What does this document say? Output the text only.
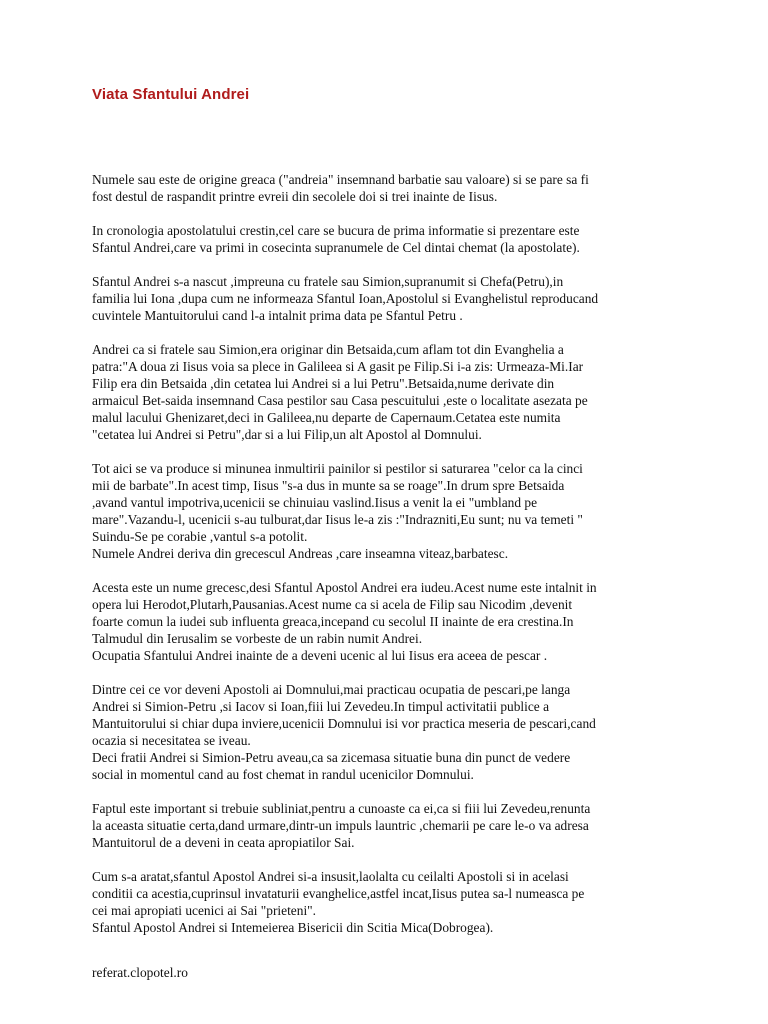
Viata Sfantului Andrei
Numele sau este de origine greaca ("andreia" insemnand barbatie sau valoare) si se pare sa fi
fost destul de raspandit printre evreii din secolele doi si trei inainte de Iisus.
In cronologia apostolatului crestin,cel care se bucura de prima informatie si prezentare este
Sfantul Andrei,care va primi in cosecinta supranumele de Cel dintai chemat (la apostolate).
Sfantul Andrei s-a nascut ,impreuna cu fratele sau Simion,supranumit si Chefa(Petru),in
familia lui Iona ,dupa cum ne informeaza Sfantul Ioan,Apostolul si Evanghelistul reproducand
cuvintele Mantuitorului cand l-a intalnit prima data pe Sfantul Petru .
Andrei ca si fratele sau Simion,era originar din Betsaida,cum aflam tot din Evanghelia a
patra:"A doua zi Iisus voia sa plece in Galileea si A gasit pe Filip.Si i-a zis: Urmeaza-Mi.Iar
Filip era din Betsaida ,din cetatea lui Andrei si a lui Petru".Betsaida,nume derivate din
armaicul Bet-saida insemnand Casa pestilor sau Casa pescuitului ,este o localitate asezata pe
malul lacului Ghenizaret,deci in Galileea,nu departe de Capernaum.Cetatea este numita
"cetatea lui Andrei si Petru",dar si a lui Filip,un alt Apostol al Domnului.
Tot aici se va produce si minunea inmultirii painilor si pestilor si saturarea "celor ca la cinci
mii de barbate".In acest timp, Iisus "s-a dus in munte sa se roage".In drum spre Betsaida
,avand vantul impotriva,ucenicii se chinuiau vaslind.Iisus a venit la ei "umbland pe
mare".Vazandu-l, ucenicii s-au tulburat,dar Iisus le-a zis :"Indrazniti,Eu sunt; nu va temeti "
Suindu-Se pe corabie ,vantul s-a potolit.
Numele Andrei deriva din grecescul Andreas ,care inseamna viteaz,barbatesc.
Acesta este un nume grecesc,desi Sfantul Apostol Andrei era iudeu.Acest nume este intalnit in
opera lui Herodot,Plutarh,Pausanias.Acest nume ca si acela de Filip sau Nicodim ,devenit
foarte comun la iudei sub influenta greaca,incepand cu secolul II inainte de era crestina.In
Talmudul din Ierusalim se vorbeste de un rabin numit Andrei.
Ocupatia Sfantului Andrei inainte de a deveni ucenic al lui Iisus era aceea de pescar .
Dintre cei ce vor deveni Apostoli ai Domnului,mai practicau ocupatia de pescari,pe langa
Andrei si Simion-Petru ,si Iacov si Ioan,fiii lui Zevedeu.In timpul activitatii publice a
Mantuitorului si chiar dupa inviere,ucenicii Domnului isi vor practica meseria de pescari,cand
ocazia si necesitatea se iveau.
Deci fratii Andrei si Simion-Petru aveau,ca sa zicemasa situatie buna din punct de vedere
social in momentul cand au fost chemat in randul ucenicilor Domnului.
Faptul este important si trebuie subliniat,pentru a cunoaste ca ei,ca si fiii lui Zevedeu,renunta
la aceasta situatie certa,dand urmare,dintr-un impuls launtric ,chemarii pe care le-o va adresa
Mantuitorul de a deveni in ceata apropiatilor Sai.
Cum s-a aratat,sfantul Apostol Andrei si-a insusit,laolalta cu ceilalti Apostoli si in acelasi
conditii ca acestia,cuprinsul invataturii evanghelice,astfel incat,Iisus putea sa-l numeasca pe
cei mai apropiati ucenici ai Sai "prieteni".
Sfantul Apostol Andrei si Intemeierea Bisericii din Scitia Mica(Dobrogea).
referat.clopotel.ro
